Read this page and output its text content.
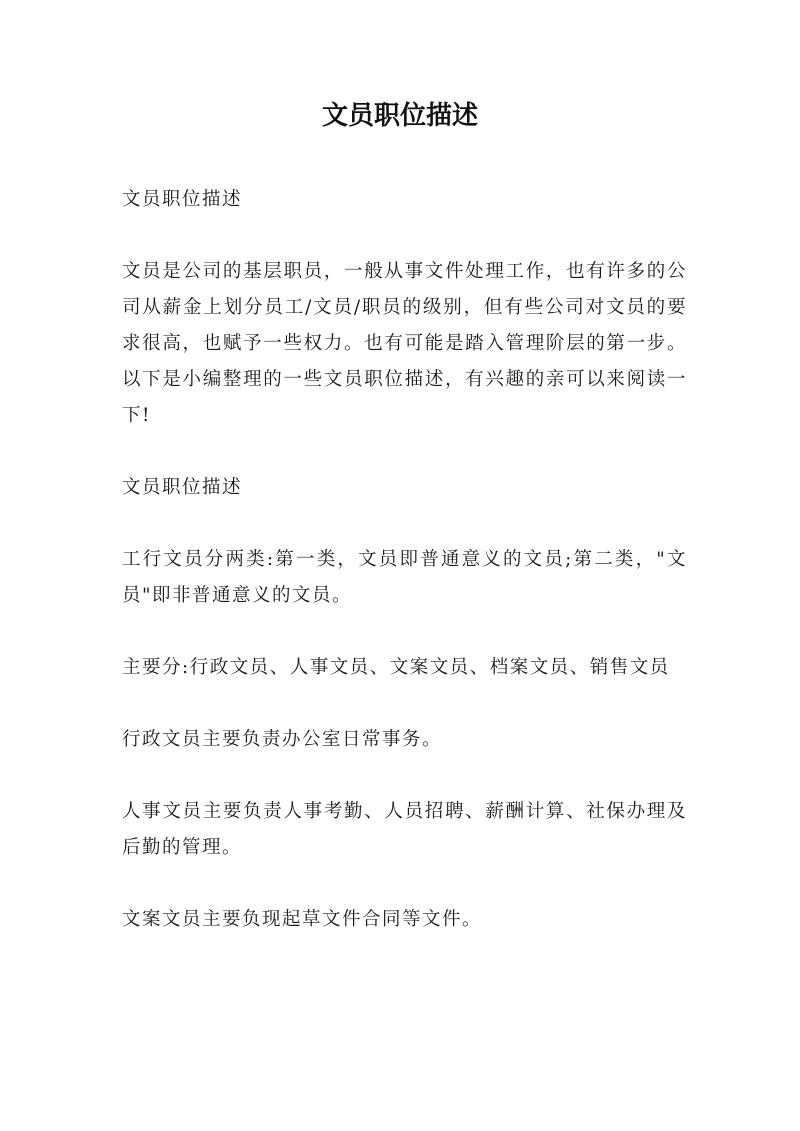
文员职位描述

文员职位描述

文员是公司的基层职员，一般从事文件处理工作，也有许多的公司从薪金上划分员工/文员/职员的级别，但有些公司对文员的要求很高，也赋予一些权力。也有可能是踏入管理阶层的第一步。以下是小编整理的一些文员职位描述，有兴趣的亲可以来阅读一下!

文员职位描述

工行文员分两类:第一类，文员即普通意义的文员;第二类，"文员"即非普通意义的文员。

主要分:行政文员、人事文员、文案文员、档案文员、销售文员

行政文员主要负责办公室日常事务。

人事文员主要负责人事考勤、人员招聘、薪酬计算、社保办理及后勤的管理。

文案文员主要负现起草文件合同等文件。
